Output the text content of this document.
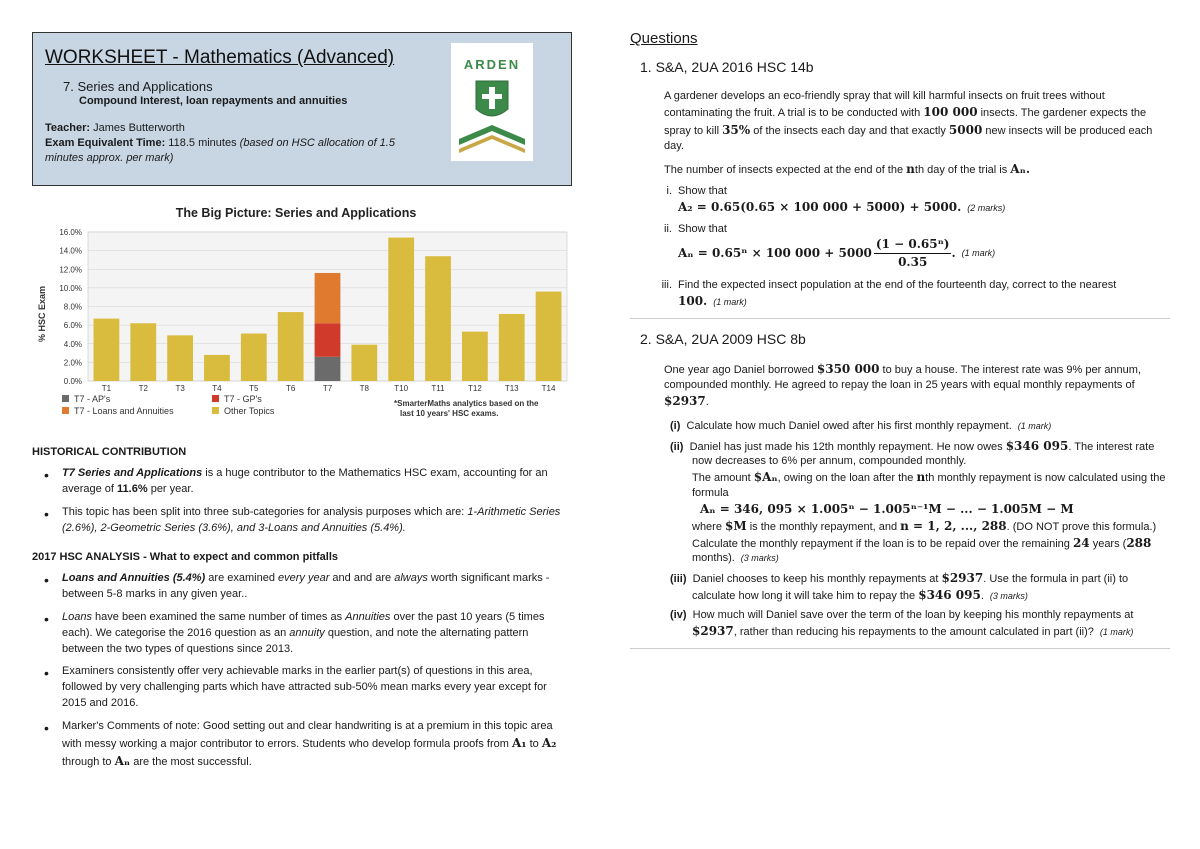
WORKSHEET - Mathematics (Advanced)
7. Series and Applications
Compound Interest, loan repayments and annuities
Teacher: James Butterworth
Exam Equivalent Time: 118.5 minutes (based on HSC allocation of 1.5 minutes approx. per mark)
ARDEN
The Big Picture: Series and Applications
% HSC Exam
T1	T2	T3	T4	T5	T6	T7	T8	T10	T11	T12	T13	T14
0.0%
2.0%
4.0%
6.0%
8.0%
10.0%
12.0%
14.0%
16.0%
T7 - AP's	T7 - GP's
T7 - Loans and Annuities	Other Topics
*SmarterMaths analytics based on the
last 10 years' HSC exams.
HISTORICAL CONTRIBUTION
• T7 Series and Applications is a huge contributor to the Mathematics HSC exam, accounting for an average of 11.6% per year.
• This topic has been split into three sub-categories for analysis purposes which are: 1-Arithmetic Series (2.6%), 2-Geometric Series (3.6%), and 3-Loans and Annuities (5.4%).
2017 HSC ANALYSIS - What to expect and common pitfalls
• Loans and Annuities (5.4%) are examined every year and and are always worth significant marks - between 5-8 marks in any given year..
• Loans have been examined the same number of times as Annuities over the past 10 years (5 times each). We categorise the 2016 question as an annuity question, and note the alternating pattern between the two types of questions since 2013.
• Examiners consistently offer very achievable marks in the earlier part(s) of questions in this area, followed by very challenging parts which have attracted sub-50% mean marks every year except for 2015 and 2016.
• Marker's Comments of note: Good setting out and clear handwriting is at a premium in this topic area with messy working a major contributor to errors. Students who develop formula proofs from A₁ to A₂ through to Aₙ are the most successful.
Questions
1. S&A, 2UA 2016 HSC 14b
A gardener develops an eco-friendly spray that will kill harmful insects on fruit trees without contaminating the fruit. A trial is to be conducted with 100 000 insects. The gardener expects the spray to kill 35% of the insects each day and that exactly 5000 new insects will be produced each day.
The number of insects expected at the end of the nth day of the trial is Aₙ.
i. Show that
A₂ = 0.65(0.65 × 100 000 + 5000) + 5000. (2 marks)
ii. Show that

Aₙ = 0.65ⁿ × 100 000 + 5000
(1 − 0.65ⁿ)
0.35
. (1 mark)
iii. Find the expected insect population at the end of the fourteenth day, correct to the nearest
100. (1 mark)
2. S&A, 2UA 2009 HSC 8b
One year ago Daniel borrowed $350 000 to buy a house. The interest rate was 9% per annum, compounded monthly. He agreed to repay the loan in 25 years with equal monthly repayments of $2937.
(i) Calculate how much Daniel owed after his first monthly repayment. (1 mark)
(ii) Daniel has just made his 12th monthly repayment. He now owes $346 095. The interest rate now decreases to 6% per annum, compounded monthly.
The amount $Aₙ, owing on the loan after the nth monthly repayment is now calculated using the formula
Aₙ = 346, 095 × 1.005ⁿ − 1.005ⁿ⁻¹M − ... − 1.005M − M
where $M is the monthly repayment, and n = 1, 2, ..., 288. (DO NOT prove this formula.)
Calculate the monthly repayment if the loan is to be repaid over the remaining 24 years (288 months). (3 marks)
(iii) Daniel chooses to keep his monthly repayments at $2937. Use the formula in part (ii) to calculate how long it will take him to repay the $346 095. (3 marks)
(iv) How much will Daniel save over the term of the loan by keeping his monthly repayments at $2937, rather than reducing his repayments to the amount calculated in part (ii)? (1 mark)
